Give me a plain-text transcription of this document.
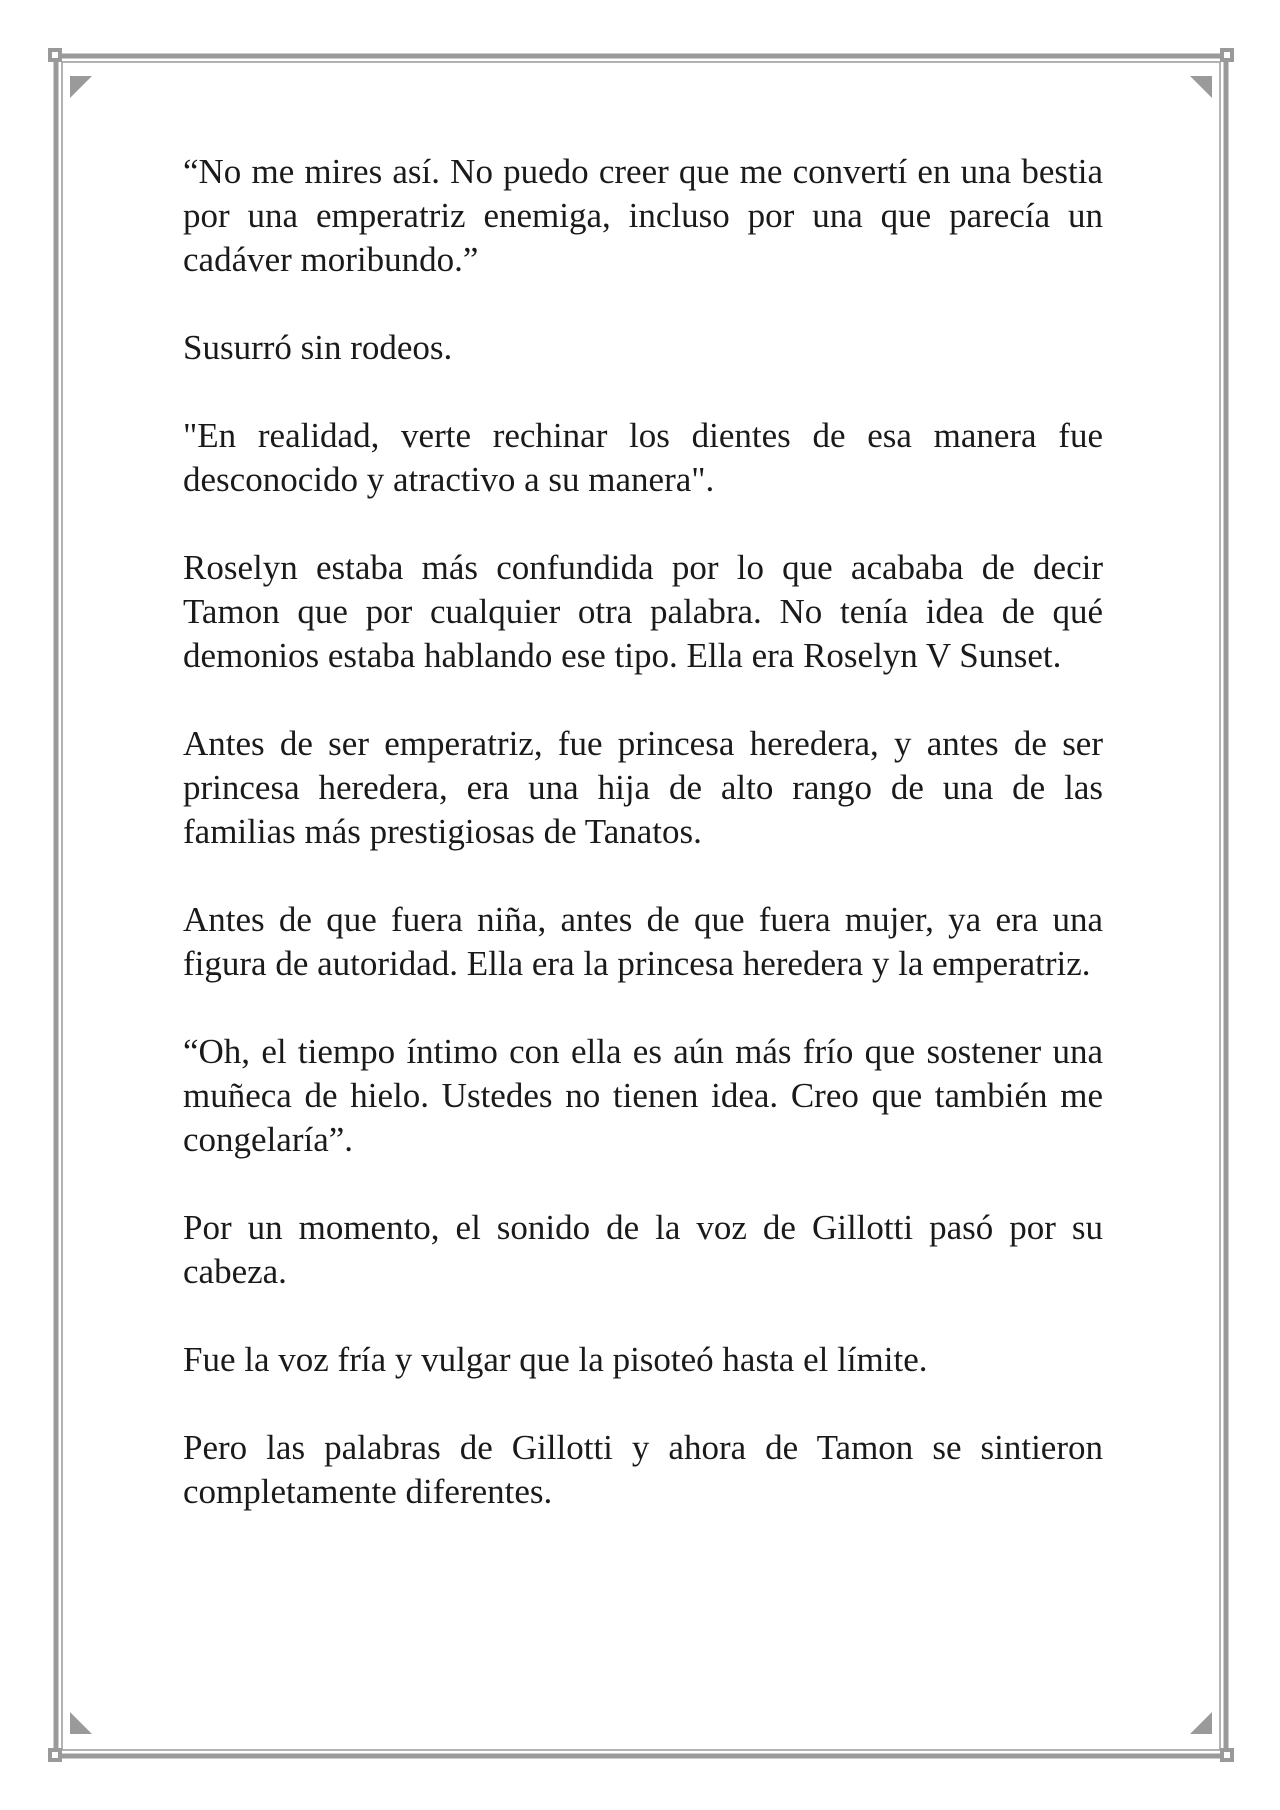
“No me mires así. No puedo creer que me convertí en una bestia por una emperatriz enemiga, incluso por una que parecía un cadáver moribundo.”

Susurró sin rodeos.

"En realidad, verte rechinar los dientes de esa manera fue desconocido y atractivo a su manera".

Roselyn estaba más confundida por lo que acababa de decir Tamon que por cualquier otra palabra. No tenía idea de qué demonios estaba hablando ese tipo. Ella era Roselyn V Sunset.

Antes de ser emperatriz, fue princesa heredera, y antes de ser princesa heredera, era una hija de alto rango de una de las familias más prestigiosas de Tanatos.

Antes de que fuera niña, antes de que fuera mujer, ya era una figura de autoridad. Ella era la princesa heredera y la emperatriz.

“Oh, el tiempo íntimo con ella es aún más frío que sostener una muñeca de hielo. Ustedes no tienen idea. Creo que también me congelaría”.

Por un momento, el sonido de la voz de Gillotti pasó por su cabeza.

Fue la voz fría y vulgar que la pisoteó hasta el límite.

Pero las palabras de Gillotti y ahora de Tamon se sintieron completamente diferentes.
